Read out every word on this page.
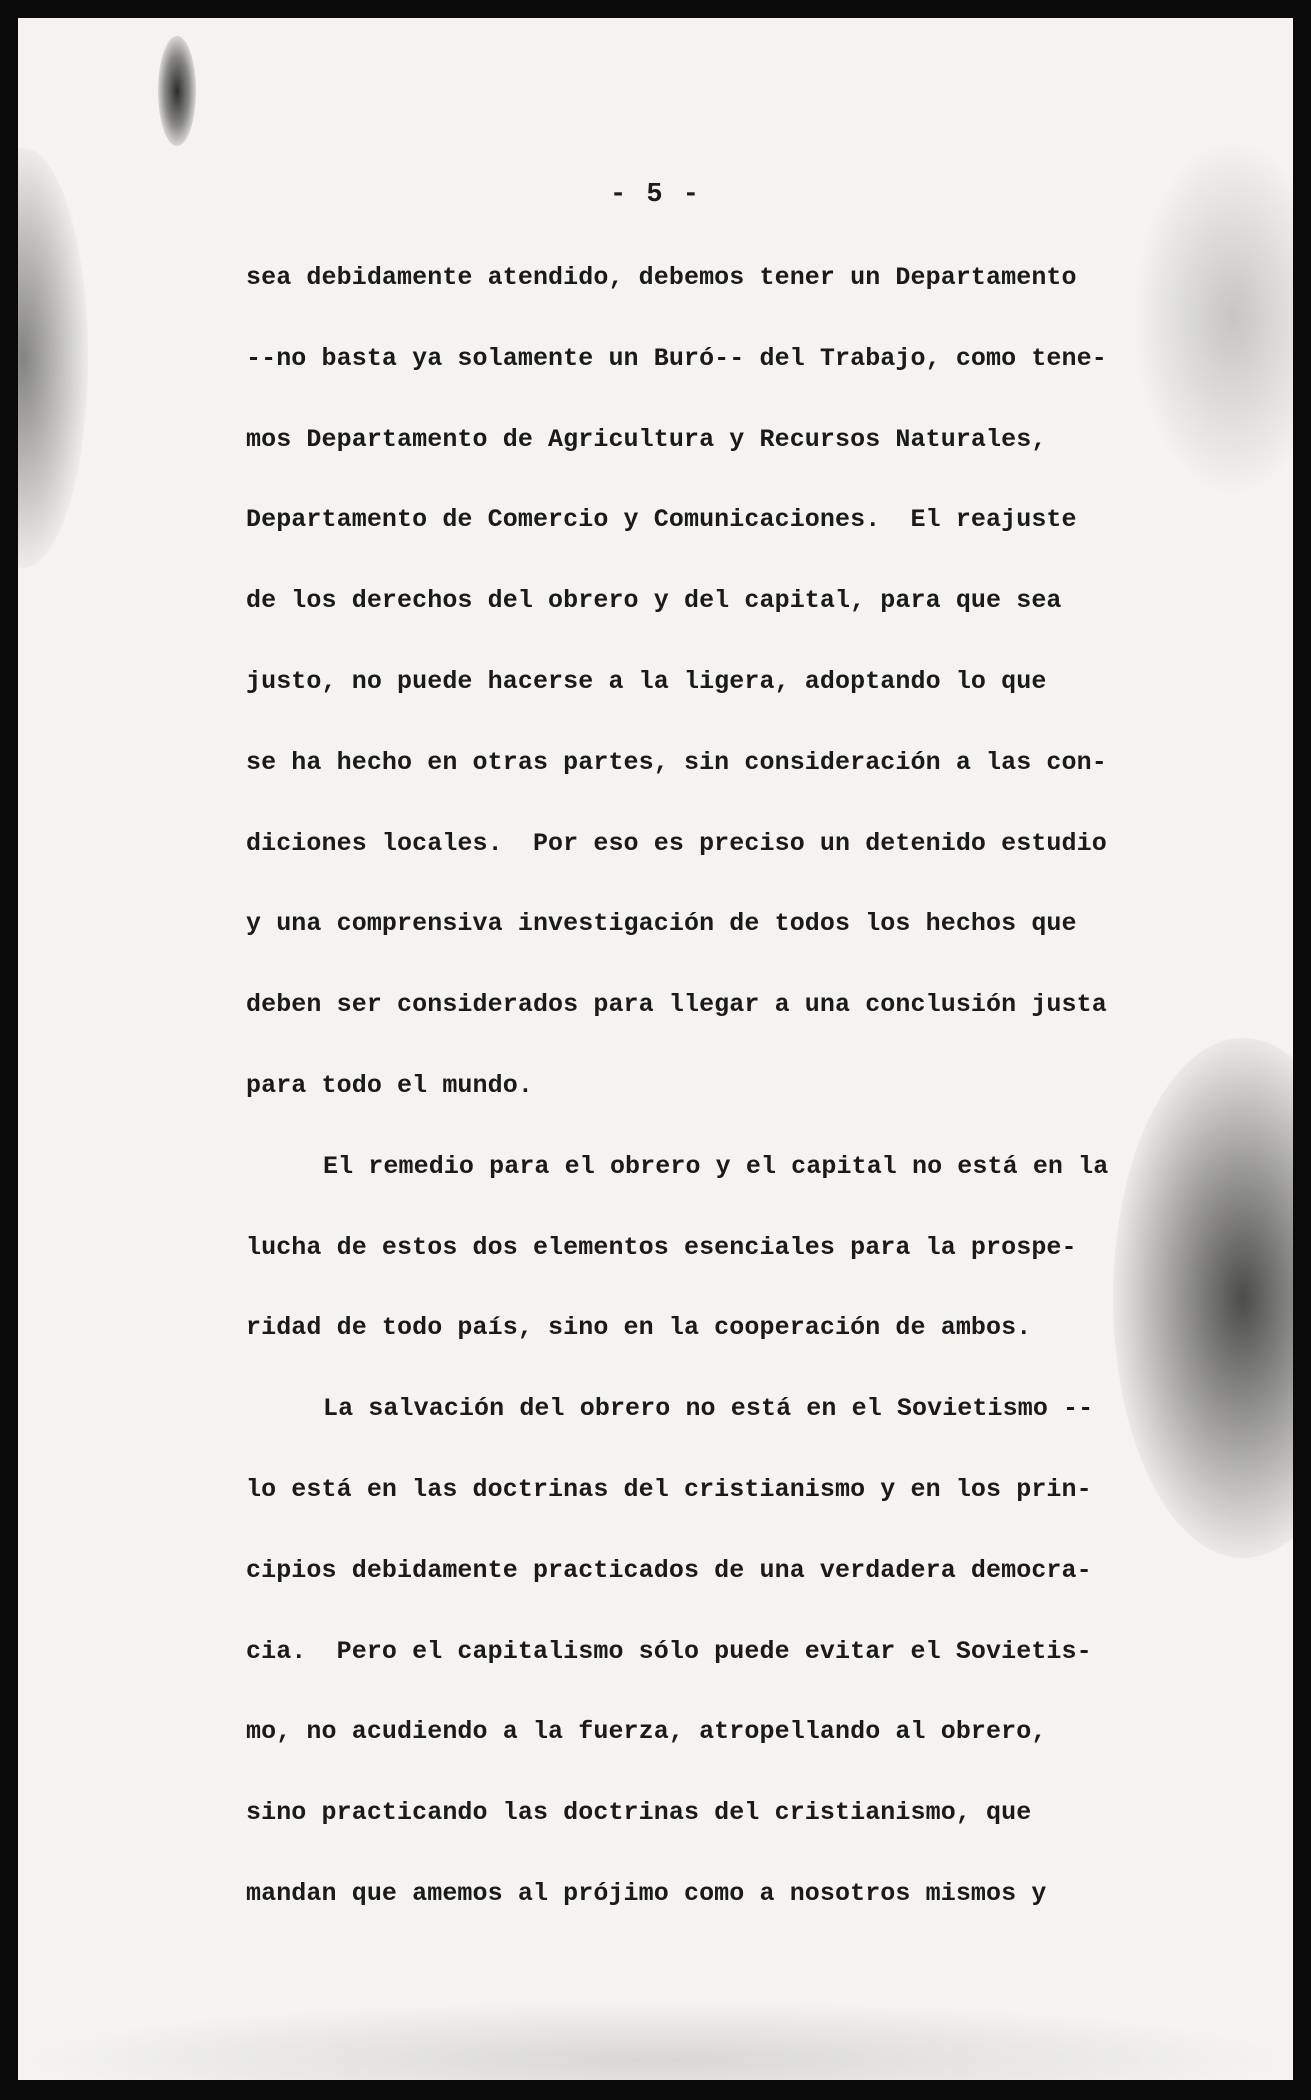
- 5 -
sea debidamente atendido, debemos tener un Departamento
--no basta ya solamente un Buró-- del Trabajo, como tene-
mos Departamento de Agricultura y Recursos Naturales,
Departamento de Comercio y Comunicaciones.  El reajuste
de los derechos del obrero y del capital, para que sea
justo, no puede hacerse a la ligera, adoptando lo que
se ha hecho en otras partes, sin consideración a las con-
diciones locales.  Por eso es preciso un detenido estudio
y una comprensiva investigación de todos los hechos que
deben ser considerados para llegar a una conclusión justa
para todo el mundo.
El remedio para el obrero y el capital no está en la
lucha de estos dos elementos esenciales para la prospe-
ridad de todo país, sino en la cooperación de ambos.
La salvación del obrero no está en el Sovietismo --
lo está en las doctrinas del cristianismo y en los prin-
cipios debidamente practicados de una verdadera democra-
cia.  Pero el capitalismo sólo puede evitar el Sovietis-
mo, no acudiendo a la fuerza, atropellando al obrero,
sino practicando las doctrinas del cristianismo, que
mandan que amemos al prójimo como a nosotros mismos y
